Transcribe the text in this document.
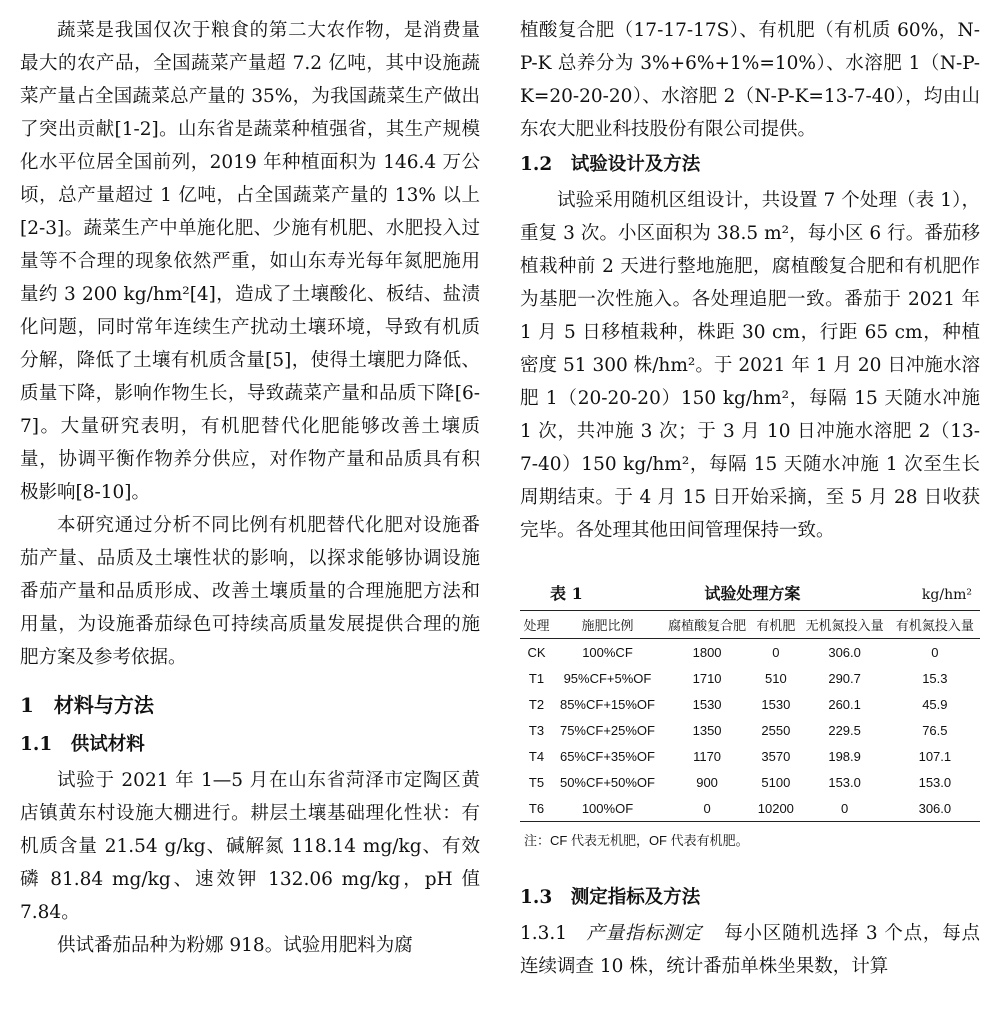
蔬菜是我国仅次于粮食的第二大农作物，是消费量最大的农产品，全国蔬菜产量超 7.2 亿吨，其中设施蔬菜产量占全国蔬菜总产量的 35%，为我国蔬菜生产做出了突出贡献[1-2]。山东省是蔬菜种植强省，其生产规模化水平位居全国前列，2019 年种植面积为 146.4 万公顷，总产量超过 1 亿吨，占全国蔬菜产量的 13% 以上[2-3]。蔬菜生产中单施化肥、少施有机肥、水肥投入过量等不合理的现象依然严重，如山东寿光每年氮肥施用量约 3 200 kg/hm²[4]，造成了土壤酸化、板结、盐渍化问题，同时常年连续生产扰动土壤环境，导致有机质分解，降低了土壤有机质含量[5]，使得土壤肥力降低、质量下降，影响作物生长，导致蔬菜产量和品质下降[6-7]。大量研究表明，有机肥替代化肥能够改善土壤质量，协调平衡作物养分供应，对作物产量和品质具有积极影响[8-10]。

本研究通过分析不同比例有机肥替代化肥对设施番茄产量、品质及土壤性状的影响，以探求能够协调设施番茄产量和品质形成、改善土壤质量的合理施肥方法和用量，为设施番茄绿色可持续高质量发展提供合理的施肥方案及参考依据。

1 材料与方法
1.1 供试材料

试验于 2021 年 1—5 月在山东省菏泽市定陶区黄店镇黄东村设施大棚进行。耕层土壤基础理化性状：有机质含量 21.54 g/kg、碱解氮 118.14 mg/kg、有效磷 81.84 mg/kg、速效钾 132.06 mg/kg，pH 值 7.84。

供试番茄品种为粉娜 918。试验用肥料为腐

植酸复合肥（17-17-17S）、有机肥（有机质 60%，N-P-K 总养分为 3%+6%+1%=10%）、水溶肥 1（N-P-K=20-20-20）、水溶肥 2（N-P-K=13-7-40），均由山东农大肥业科技股份有限公司提供。

1.2 试验设计及方法

试验采用随机区组设计，共设置 7 个处理（表 1），重复 3 次。小区面积为 38.5 m²，每小区 6 行。番茄移植栽种前 2 天进行整地施肥，腐植酸复合肥和有机肥作为基肥一次性施入。各处理追肥一致。番茄于 2021 年 1 月 5 日移植栽种，株距 30 cm，行距 65 cm，种植密度 51 300 株/hm²。于 2021 年 1 月 20 日冲施水溶肥 1（20-20-20）150 kg/hm²，每隔 15 天随水冲施 1 次，共冲施 3 次；于 3 月 10 日冲施水溶肥 2（13-7-40）150 kg/hm²，每隔 15 天随水冲施 1 次至生长周期结束。于 4 月 15 日开始采摘，至 5 月 28 日收获完毕。各处理其他田间管理保持一致。

表 1	试验处理方案	kg/hm²
处理	施肥比例	腐植酸复合肥	有机肥	无机氮投入量	有机氮投入量
CK	100%CF	1800	0	306.0	0
T1	95%CF+5%OF	1710	510	290.7	15.3
T2	85%CF+15%OF	1530	1530	260.1	45.9
T3	75%CF+25%OF	1350	2550	229.5	76.5
T4	65%CF+35%OF	1170	3570	198.9	107.1
T5	50%CF+50%OF	900	5100	153.0	153.0
T6	100%OF	0	10200	0	306.0
注：CF 代表无机肥，OF 代表有机肥。
1.3 测定指标及方法

1.3.1 产量指标测定 每小区随机选择 3 个点，每点连续调查 10 株，统计番茄单株坐果数，计算
